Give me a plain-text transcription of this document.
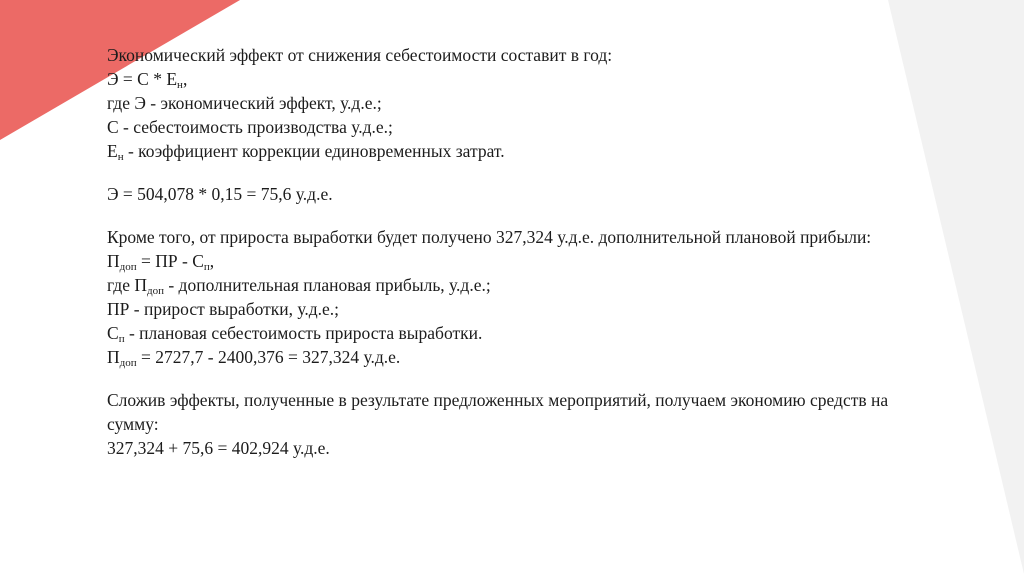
Экономический эффект от снижения себестоимости составит в год:
$Э = С * Е_н$,
где Э - экономический эффект, у.д.е.;
С - себестоимость производства у.д.е.;
$Е_н$ - коэффициент коррекции единовременных затрат.
Э = 504,078 * 0,15 = 75,6 у.д.е.
Кроме того, от прироста выработки будет получено 327,324 у.д.е. дополнительной плановой прибыли:
$П_{доп}$ = ПР - $С_п$,
где $П_{доп}$ - дополнительная плановая прибыль, у.д.е.;
ПР - прирост выработки, у.д.е.;
$С_п$ - плановая себестоимость прироста выработки.
$П_{доп} = 2727,7 - 2400,376 = 327,324$ у.д.е.
Сложив эффекты, полученные в результате предложенных мероприятий, получаем экономию средств на сумму:
327,324 + 75,6 = 402,924 у.д.е.
